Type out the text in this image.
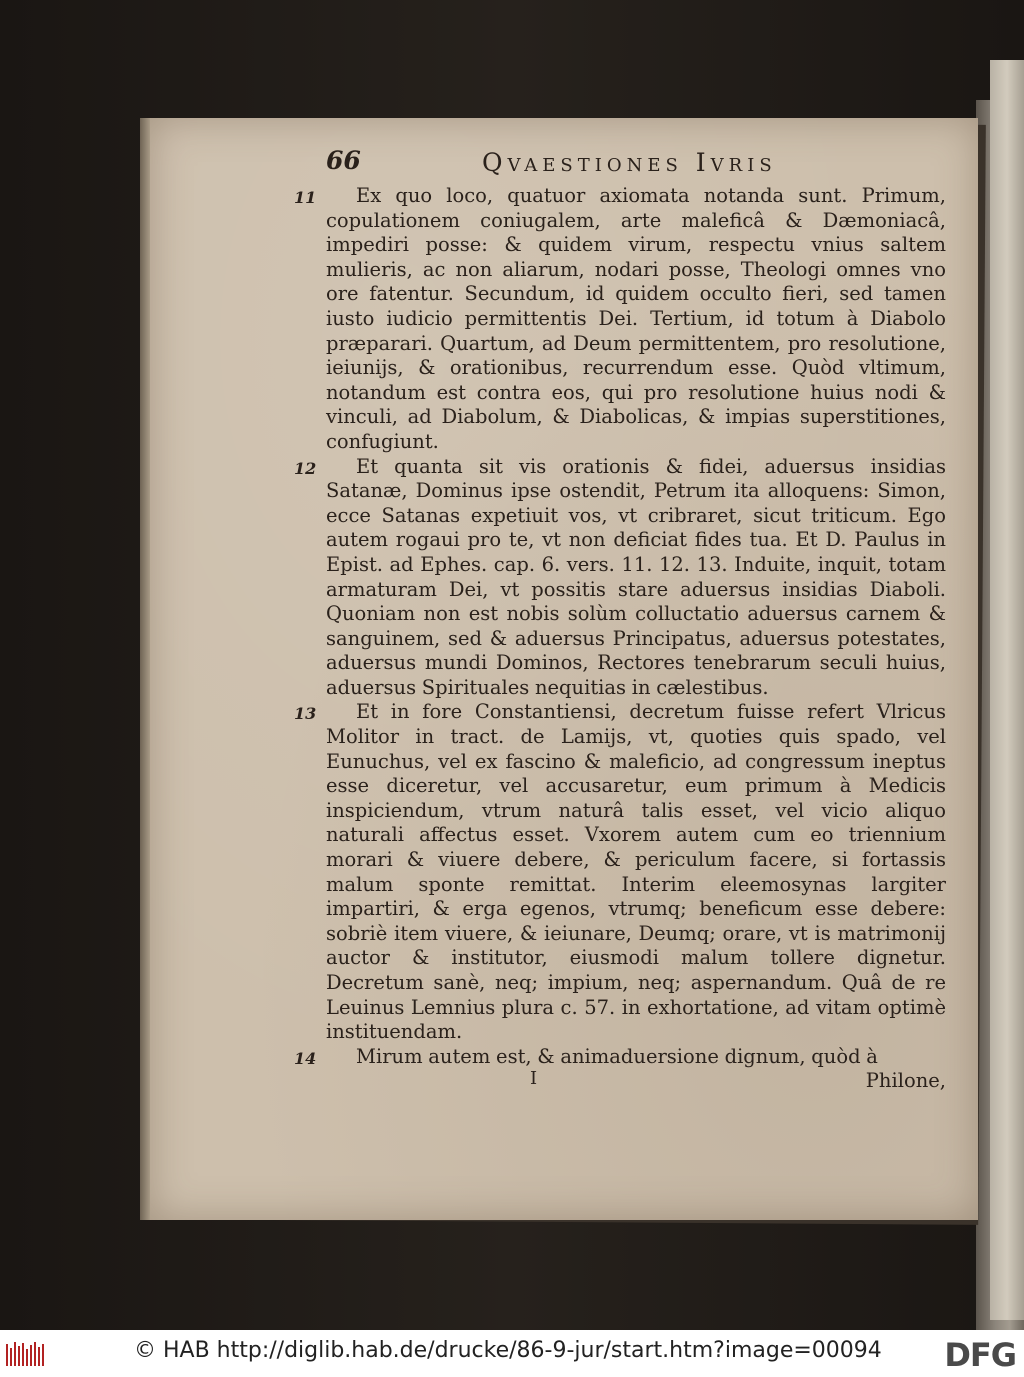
66	Qvaestiones Ivris

11 Ex quo loco, quatuor axiomata notanda sunt. Primum, copulationem coniugalem, arte maleficâ & Dæmoniacâ, impediri posse: & quidem virum, respectu vnius saltem mulieris, ac non aliarum, nodari posse, Theologi omnes vno ore fatentur. Secundum, id quidem occulto fieri, sed tamen iusto iudicio permittentis Dei. Tertium, id totum à Diabolo præparari. Quartum, ad Deum permittentem, pro resolutione, ieiunijs, & orationibus, recurrendum esse. Quòd vltimum, notandum est contra eos, qui pro resolutione huius nodi & vinculi, ad Diabolum, & Diabolicas, & impias superstitiones, confugiunt.

12 Et quanta sit vis orationis & fidei, aduersus insidias Satanæ, Dominus ipse ostendit, Petrum ita alloquens: Simon, ecce Satanas expetiuit vos, vt cribraret, sicut triticum. Ego autem rogaui pro te, vt non deficiat fides tua. Et D. Paulus in Epist. ad Ephes. cap. 6. vers. 11. 12. 13. Induite, inquit, totam armaturam Dei, vt possitis stare aduersus insidias Diaboli. Quoniam non est nobis solùm colluctatio aduersus carnem & sanguinem, sed & aduersus Principatus, aduersus potestates, aduersus mundi Dominos, Rectores tenebrarum seculi huius, aduersus Spirituales nequitias in cælestibus.

13 Et in fore Constantiensi, decretum fuisse refert Vlricus Molitor in tract. de Lamijs, vt, quoties quis spado, vel Eunuchus, vel ex fascino & maleficio, ad congressum ineptus esse diceretur, vel accusaretur, eum primum à Medicis inspiciendum, vtrum naturâ talis esset, vel vicio aliquo naturali affectus esset. Vxorem autem cum eo triennium morari & viuere debere, & periculum facere, si fortassis malum sponte remittat. Interim eleemosynas largiter impartiri, & erga egenos, vtrumq; beneficum esse debere: sobriè item viuere, & ieiunare, Deumq; orare, vt is matrimonij auctor & institutor, eiusmodi malum tollere dignetur. Decretum sanè, neq; impium, neq; aspernandum. Quâ de re Leuinus Lemnius plura c. 57. in exhortatione, ad vitam optimè instituendam.

14 Mirum autem est, & animaduersione dignum, quòd à

Philone,

I
© HAB http://diglib.hab.de/drucke/86-9-jur/start.htm?image=00094 DFG
